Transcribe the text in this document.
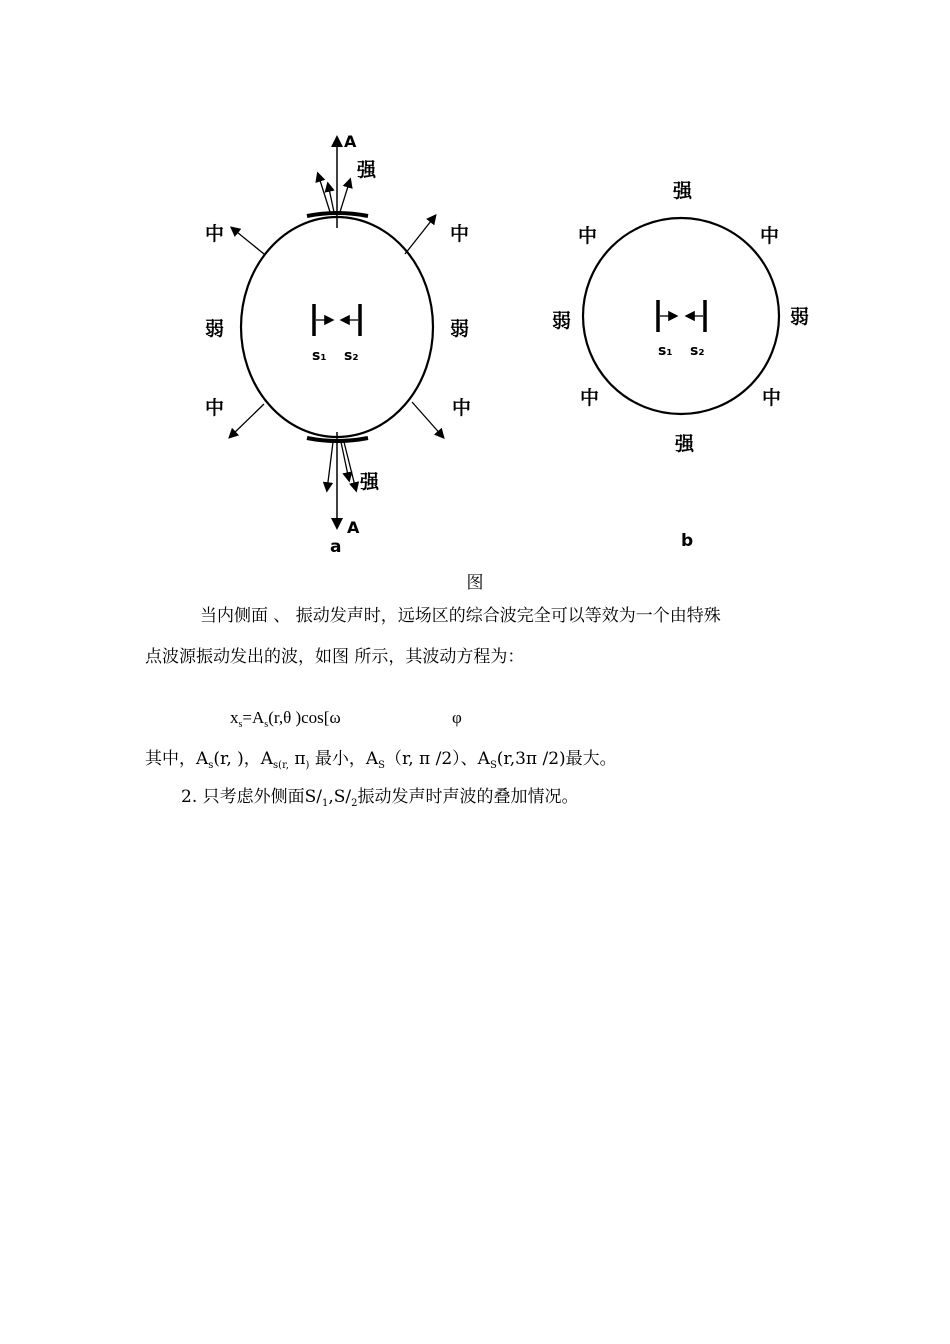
s₁ s₂
A
强
中	中
弱	弱
中	中
强
A
a
s₁ s₂
强
中	中
弱	弱
中	中
强
b
图
当内侧面 、 振动发声时，远场区的综合波完全可以等效为一个由特殊
点波源振动发出的波，如图 所示，其波动方程为：
$x_s=A_s(r,\theta$ )cos[ω	φ
其中，$A_s(r$, )，$A_{s(r,}$ $\pi_)$ 最小，$A_S(r$, π /2）、$A_S(r,3\pi$ /2)最大。
2. 只考虑外侧面$S/_1,S/_2$振动发声时声波的叠加情况。
